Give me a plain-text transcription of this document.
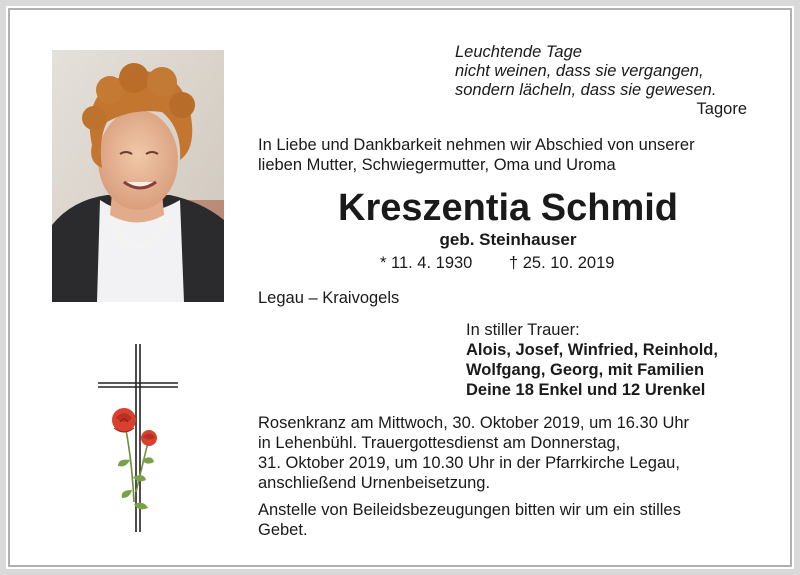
Leuchtende Tage
nicht weinen, dass sie vergangen,
sondern lächeln, dass sie gewesen.
Tagore
In Liebe und Dankbarkeit nehmen wir Abschied von unserer
lieben Mutter, Schwiegermutter, Oma und Uroma
Kreszentia Schmid
geb. Steinhauser
* 11. 4. 1930 † 25. 10. 2019
Legau – Kraivogels
In stiller Trauer:
Alois, Josef, Winfried, Reinhold,
Wolfgang, Georg, mit Familien
Deine 18 Enkel und 12 Urenkel
Rosenkranz am Mittwoch, 30. Oktober 2019, um 16.30 Uhr
in Lehenbühl. Trauergottesdienst am Donnerstag,
31. Oktober 2019, um 10.30 Uhr in der Pfarrkirche Legau,
anschließend Urnenbeisetzung.
Anstelle von Beileidsbezeugungen bitten wir um ein stilles
Gebet.
